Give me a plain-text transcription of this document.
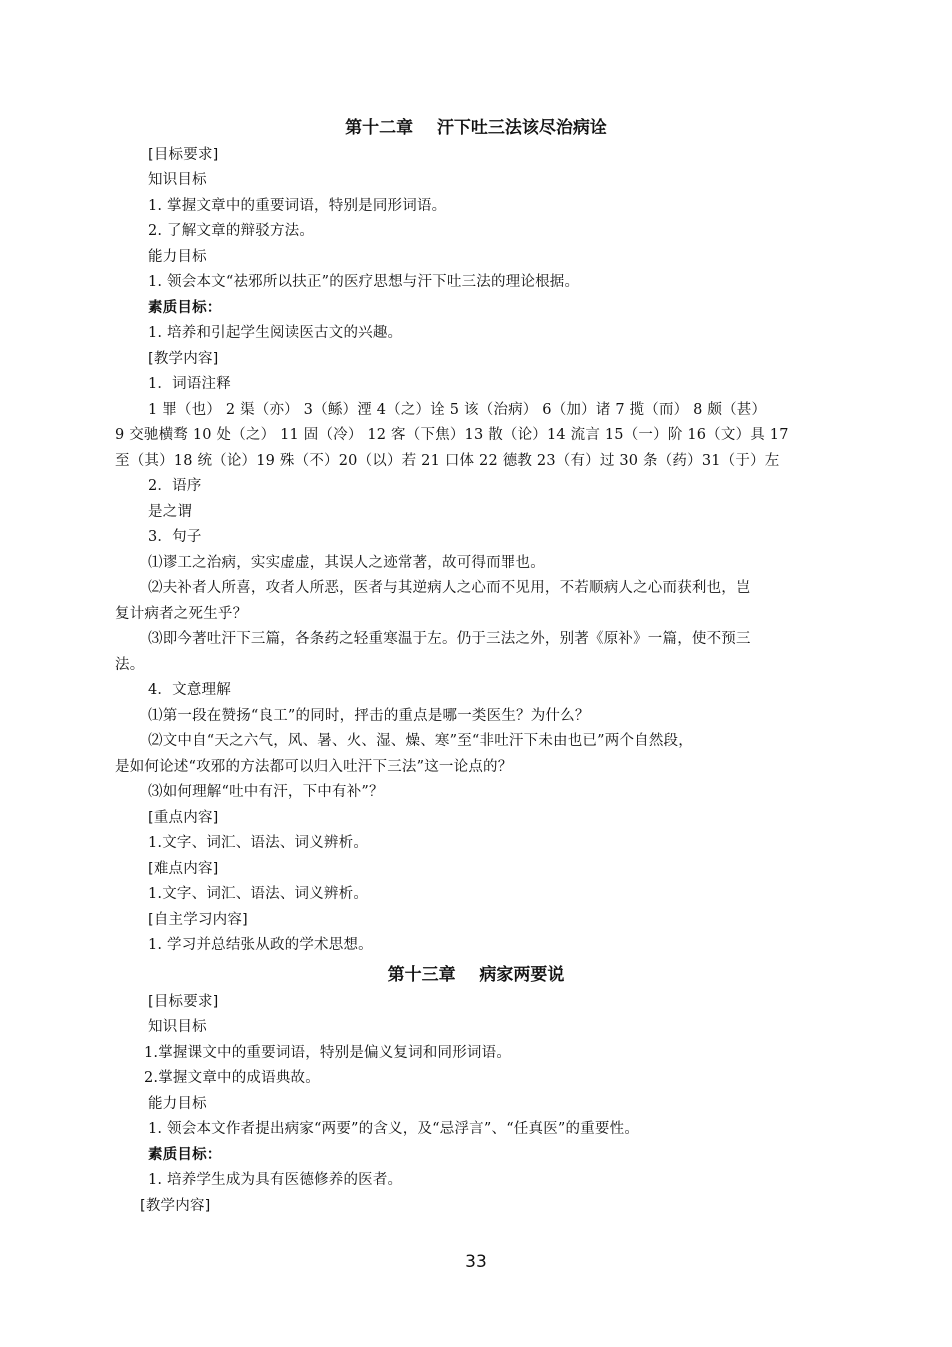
第十二章    汗下吐三法该尽治病诠
[目标要求]
知识目标
1. 掌握文章中的重要词语，特别是同形词语。
2. 了解文章的辩驳方法。
能力目标
1. 领会本文“祛邪所以扶正”的医疗思想与汗下吐三法的理论根据。
素质目标：
1. 培养和引起学生阅读医古文的兴趣。
[教学内容]
1．词语注释
1 罪（也） 2 渠（亦） 3（鲧）湮 4（之）诠 5 该（治病） 6（加）诸 7 揽（而） 8 颇（甚）
9 交驰横骛 10 处（之） 11 固（冷） 12 客（下焦）13 散（论）14 流言 15（一）阶 16（文）具 17
至（其）18 统（论）19 殊（不）20（以）若 21 口体 22 德教 23（有）过 30 条（药）31（于）左
2．语序
是之谓
3．句子
⑴谬工之治病，实实虚虚，其误人之迹常著，故可得而罪也。
⑵夫补者人所喜，攻者人所恶，医者与其逆病人之心而不见用，不若顺病人之心而获利也，岂
复计病者之死生乎？
⑶即今著吐汗下三篇，各条药之轻重寒温于左。仍于三法之外，别著《原补》一篇，使不预三
法。
4．文意理解
⑴第一段在赞扬“良工”的同时，抨击的重点是哪一类医生？为什么？
⑵文中自“天之六气，风、暑、火、湿、燥、寒”至“非吐汗下未由也已”两个自然段，
是如何论述“攻邪的方法都可以归入吐汗下三法”这一论点的？
⑶如何理解“吐中有汗，下中有补”？
[重点内容]
1.文字、词汇、语法、词义辨析。
[难点内容]
1.文字、词汇、语法、词义辨析。
[自主学习内容]
1. 学习并总结张从政的学术思想。
第十三章    病家两要说
[目标要求]
知识目标
1.掌握课文中的重要词语，特别是偏义复词和同形词语。
2.掌握文章中的成语典故。
能力目标
1. 领会本文作者提出病家“两要”的含义，及“忌浮言”、“任真医”的重要性。
素质目标：
1. 培养学生成为具有医德修养的医者。
[教学内容]
33
